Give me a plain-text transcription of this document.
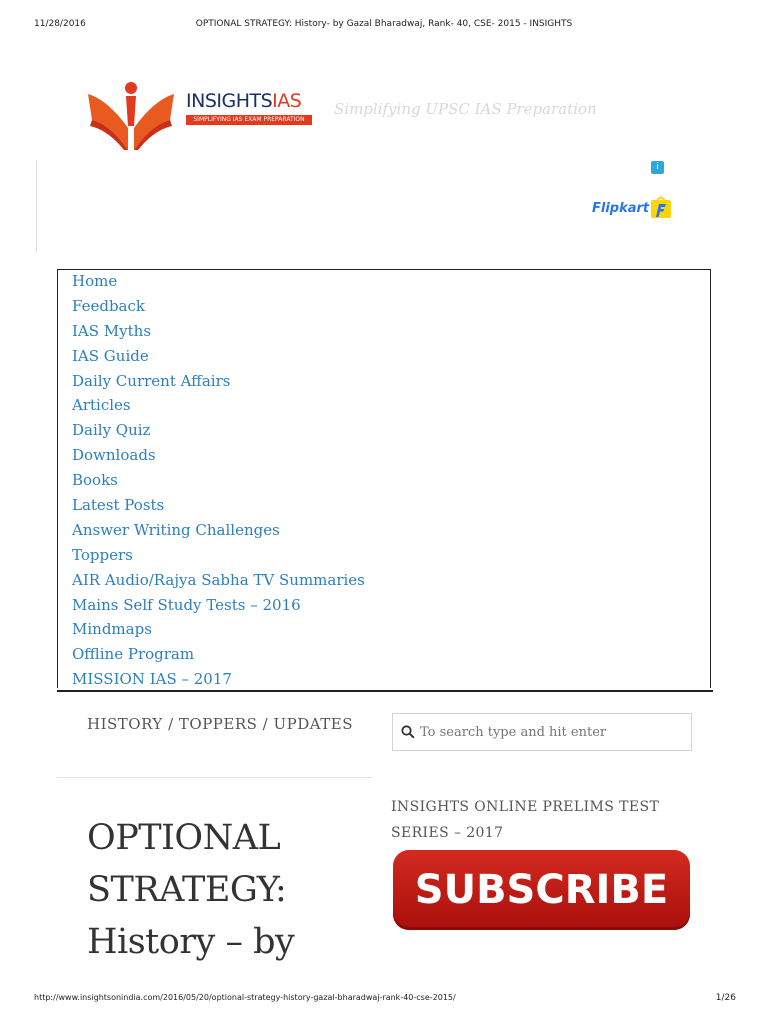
11/28/2016	OPTIONAL STRATEGY: History- by Gazal Bharadwaj, Rank- 40, CSE- 2015 - INSIGHTS
INSIGHTSIAS
SIMPLIFYING IAS EXAM PREPARATION
Simplifying UPSC IAS Preparation
i
Flipkart
Home
Feedback
IAS Myths
IAS Guide
Daily Current Affairs
Articles
Daily Quiz
Downloads
Books
Latest Posts
Answer Writing Challenges
Toppers
AIR Audio/Rajya Sabha TV Summaries
Mains Self Study Tests – 2016
Mindmaps
Offline Program
MISSION IAS – 2017
HISTORY / TOPPERS / UPDATES
OPTIONAL STRATEGY: History – by
To search type and hit enter
INSIGHTS ONLINE PRELIMS TEST SERIES – 2017
SUBSCRIBE
http://www.insightsonindia.com/2016/05/20/optional-strategy-history-gazal-bharadwaj-rank-40-cse-2015/	1/26
